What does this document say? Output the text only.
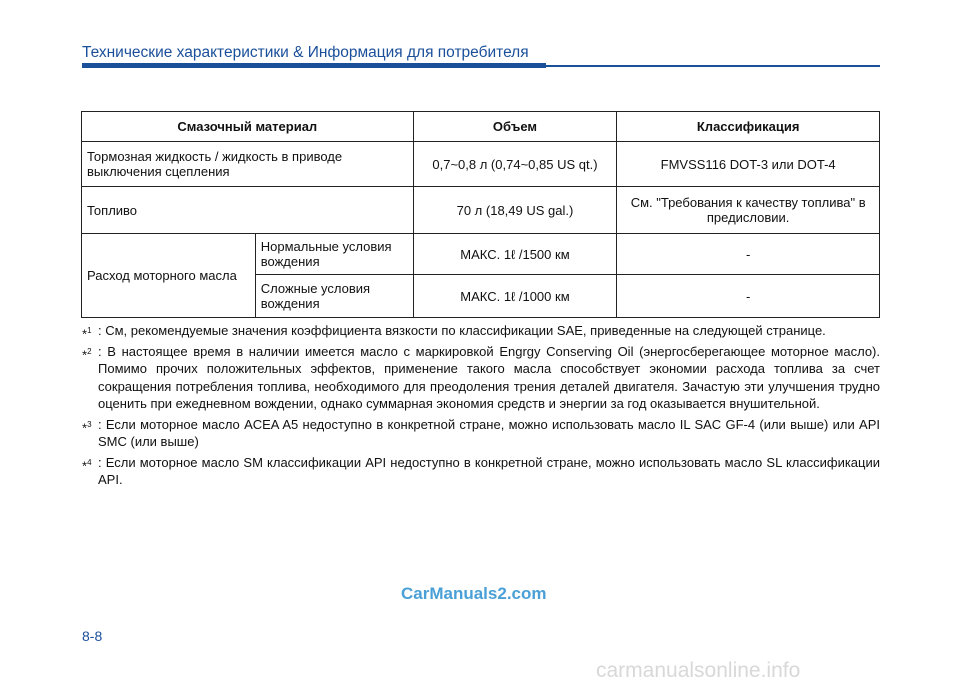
Технические характеристики & Информация для потребителя
Смазочный материал		Объем	Классификация

Тормозная жидкость / жидкость в приводе
выключения сцепления		0,7~0,8 л (0,74~0,85 US qt.)	FMVSS116 DOT-3 или DOT-4
Топливо		70 л (18,49 US gal.)	См. "Требования к качеству топлива" в
предисловии.

Расход моторного масла	Нормальные условия
вождения	МАКС. 1ℓ /1500 км	-

	Сложные условия
вождения	МАКС. 1ℓ /1000 км	-
*$^1$ : См, рекомендуемые значения коэффициента вязкости по классификации SAE, приведенные на следующей странице.
*$^2$ : В настоящее время в наличии имеется масло с маркировкой Engrgy Conserving Oil (энергосберегающее моторное масло). Помимо прочих положительных эффектов, применение такого масла способствует экономии расхода топлива за счет сокращения потребления топлива, необходимого для преодоления трения деталей двигателя. Зачастую эти улучшения трудно оценить при ежедневном вождении, однако суммарная экономия средств и энергии за год оказывается внушительной.
*$^3$ : Если моторное масло ACEA A5 недоступно в конкретной стране, можно использовать масло IL SAC GF-4 (или выше) или API SMC (или выше)
*$^4$ : Если моторное масло SM классификации API недоступно в конкретной стране, можно использовать масло SL классификации API.
CarManuals2.com
8-8
carmanualsonline.info
